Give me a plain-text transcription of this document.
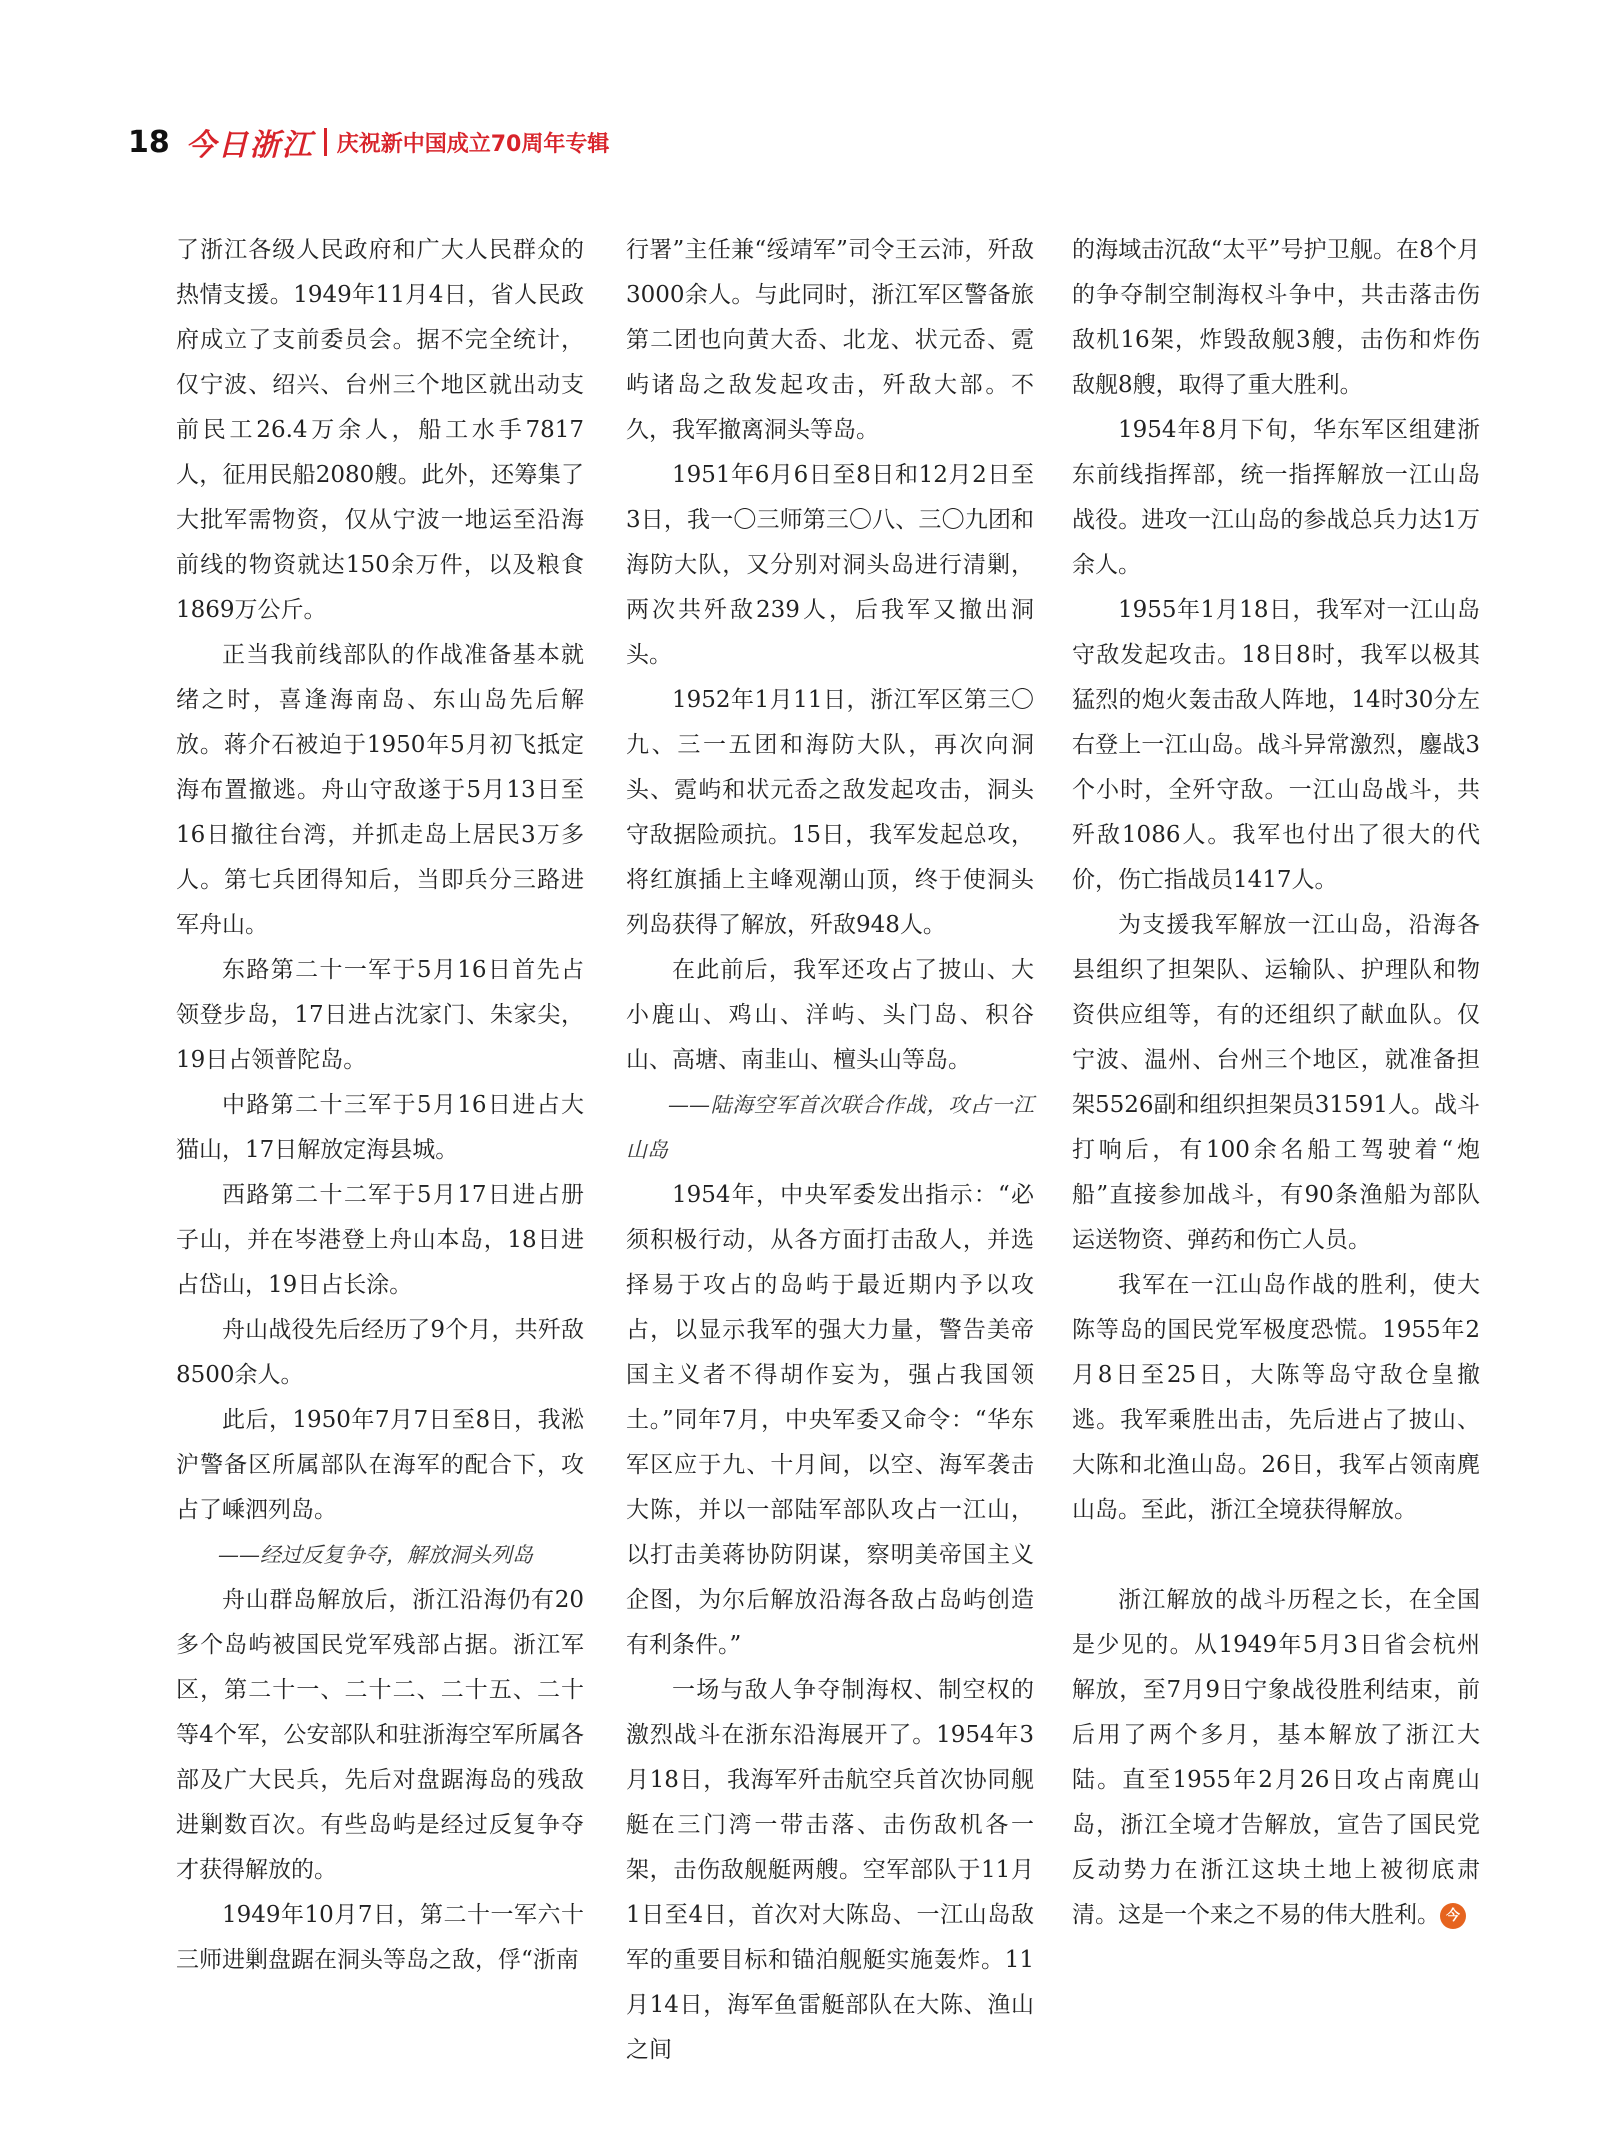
18 今日浙江 庆祝新中国成立70周年专辑

了浙江各级人民政府和广大人民群众的热情支援。1949年11月4日，省人民政府成立了支前委员会。据不完全统计，仅宁波、绍兴、台州三个地区就出动支前民工26.4万余人，船工水手7817人，征用民船2080艘。此外，还筹集了大批军需物资，仅从宁波一地运至沿海前线的物资就达150余万件，以及粮食1869万公斤。

正当我前线部队的作战准备基本就绪之时，喜逢海南岛、东山岛先后解放。蒋介石被迫于1950年5月初飞抵定海布置撤逃。舟山守敌遂于5月13日至16日撤往台湾，并抓走岛上居民3万多人。第七兵团得知后，当即兵分三路进军舟山。

东路第二十一军于5月16日首先占领登步岛，17日进占沈家门、朱家尖，19日占领普陀岛。

中路第二十三军于5月16日进占大猫山，17日解放定海县城。

西路第二十二军于5月17日进占册子山，并在岑港登上舟山本岛，18日进占岱山，19日占长涂。

舟山战役先后经历了9个月，共歼敌8500余人。

此后，1950年7月7日至8日，我淞沪警备区所属部队在海军的配合下，攻占了嵊泗列岛。

——经过反复争夺，解放洞头列岛

舟山群岛解放后，浙江沿海仍有20多个岛屿被国民党军残部占据。浙江军区，第二十一、二十二、二十五、二十等4个军，公安部队和驻浙海空军所属各部及广大民兵，先后对盘踞海岛的残敌进剿数百次。有些岛屿是经过反复争夺才获得解放的。

1949年10月7日，第二十一军六十三师进剿盘踞在洞头等岛之敌，俘“浙南

行署”主任兼“绥靖军”司令王云沛，歼敌3000余人。与此同时，浙江军区警备旅第二团也向黄大岙、北龙、状元岙、霓屿诸岛之敌发起攻击，歼敌大部。不久，我军撤离洞头等岛。

1951年6月6日至8日和12月2日至3日，我一〇三师第三〇八、三〇九团和海防大队，又分别对洞头岛进行清剿，两次共歼敌239人，后我军又撤出洞头。

1952年1月11日，浙江军区第三〇九、三一五团和海防大队，再次向洞头、霓屿和状元岙之敌发起攻击，洞头守敌据险顽抗。15日，我军发起总攻，将红旗插上主峰观潮山顶，终于使洞头列岛获得了解放，歼敌948人。

在此前后，我军还攻占了披山、大小鹿山、鸡山、洋屿、头门岛、积谷山、高塘、南韭山、檀头山等岛。

——陆海空军首次联合作战，攻占一江山岛

1954年，中央军委发出指示：“必须积极行动，从各方面打击敌人，并选择易于攻占的岛屿于最近期内予以攻占，以显示我军的强大力量，警告美帝国主义者不得胡作妄为，强占我国领土。”同年7月，中央军委又命令：“华东军区应于九、十月间，以空、海军袭击大陈，并以一部陆军部队攻占一江山，以打击美蒋协防阴谋，察明美帝国主义企图，为尔后解放沿海各敌占岛屿创造有利条件。”

一场与敌人争夺制海权、制空权的激烈战斗在浙东沿海展开了。1954年3月18日，我海军歼击航空兵首次协同舰艇在三门湾一带击落、击伤敌机各一架，击伤敌舰艇两艘。空军部队于11月1日至4日，首次对大陈岛、一江山岛敌军的重要目标和锚泊舰艇实施轰炸。11月14日，海军鱼雷艇部队在大陈、渔山之间

的海域击沉敌“太平”号护卫舰。在8个月的争夺制空制海权斗争中，共击落击伤敌机16架，炸毁敌舰3艘，击伤和炸伤敌舰8艘，取得了重大胜利。

1954年8月下旬，华东军区组建浙东前线指挥部，统一指挥解放一江山岛战役。进攻一江山岛的参战总兵力达1万余人。

1955年1月18日，我军对一江山岛守敌发起攻击。18日8时，我军以极其猛烈的炮火轰击敌人阵地，14时30分左右登上一江山岛。战斗异常激烈，鏖战3个小时，全歼守敌。一江山岛战斗，共歼敌1086人。我军也付出了很大的代价，伤亡指战员1417人。

为支援我军解放一江山岛，沿海各县组织了担架队、运输队、护理队和物资供应组等，有的还组织了献血队。仅宁波、温州、台州三个地区，就准备担架5526副和组织担架员31591人。战斗打响后，有100余名船工驾驶着“炮船”直接参加战斗，有90条渔船为部队运送物资、弹药和伤亡人员。

我军在一江山岛作战的胜利，使大陈等岛的国民党军极度恐慌。1955年2月8日至25日，大陈等岛守敌仓皇撤逃。我军乘胜出击，先后进占了披山、大陈和北渔山岛。26日，我军占领南麂山岛。至此，浙江全境获得解放。

浙江解放的战斗历程之长，在全国是少见的。从1949年5月3日省会杭州解放，至7月9日宁象战役胜利结束，前后用了两个多月，基本解放了浙江大陆。直至1955年2月26日攻占南麂山岛，浙江全境才告解放，宣告了国民党反动势力在浙江这块土地上被彻底肃清。这是一个来之不易的伟大胜利。 今
